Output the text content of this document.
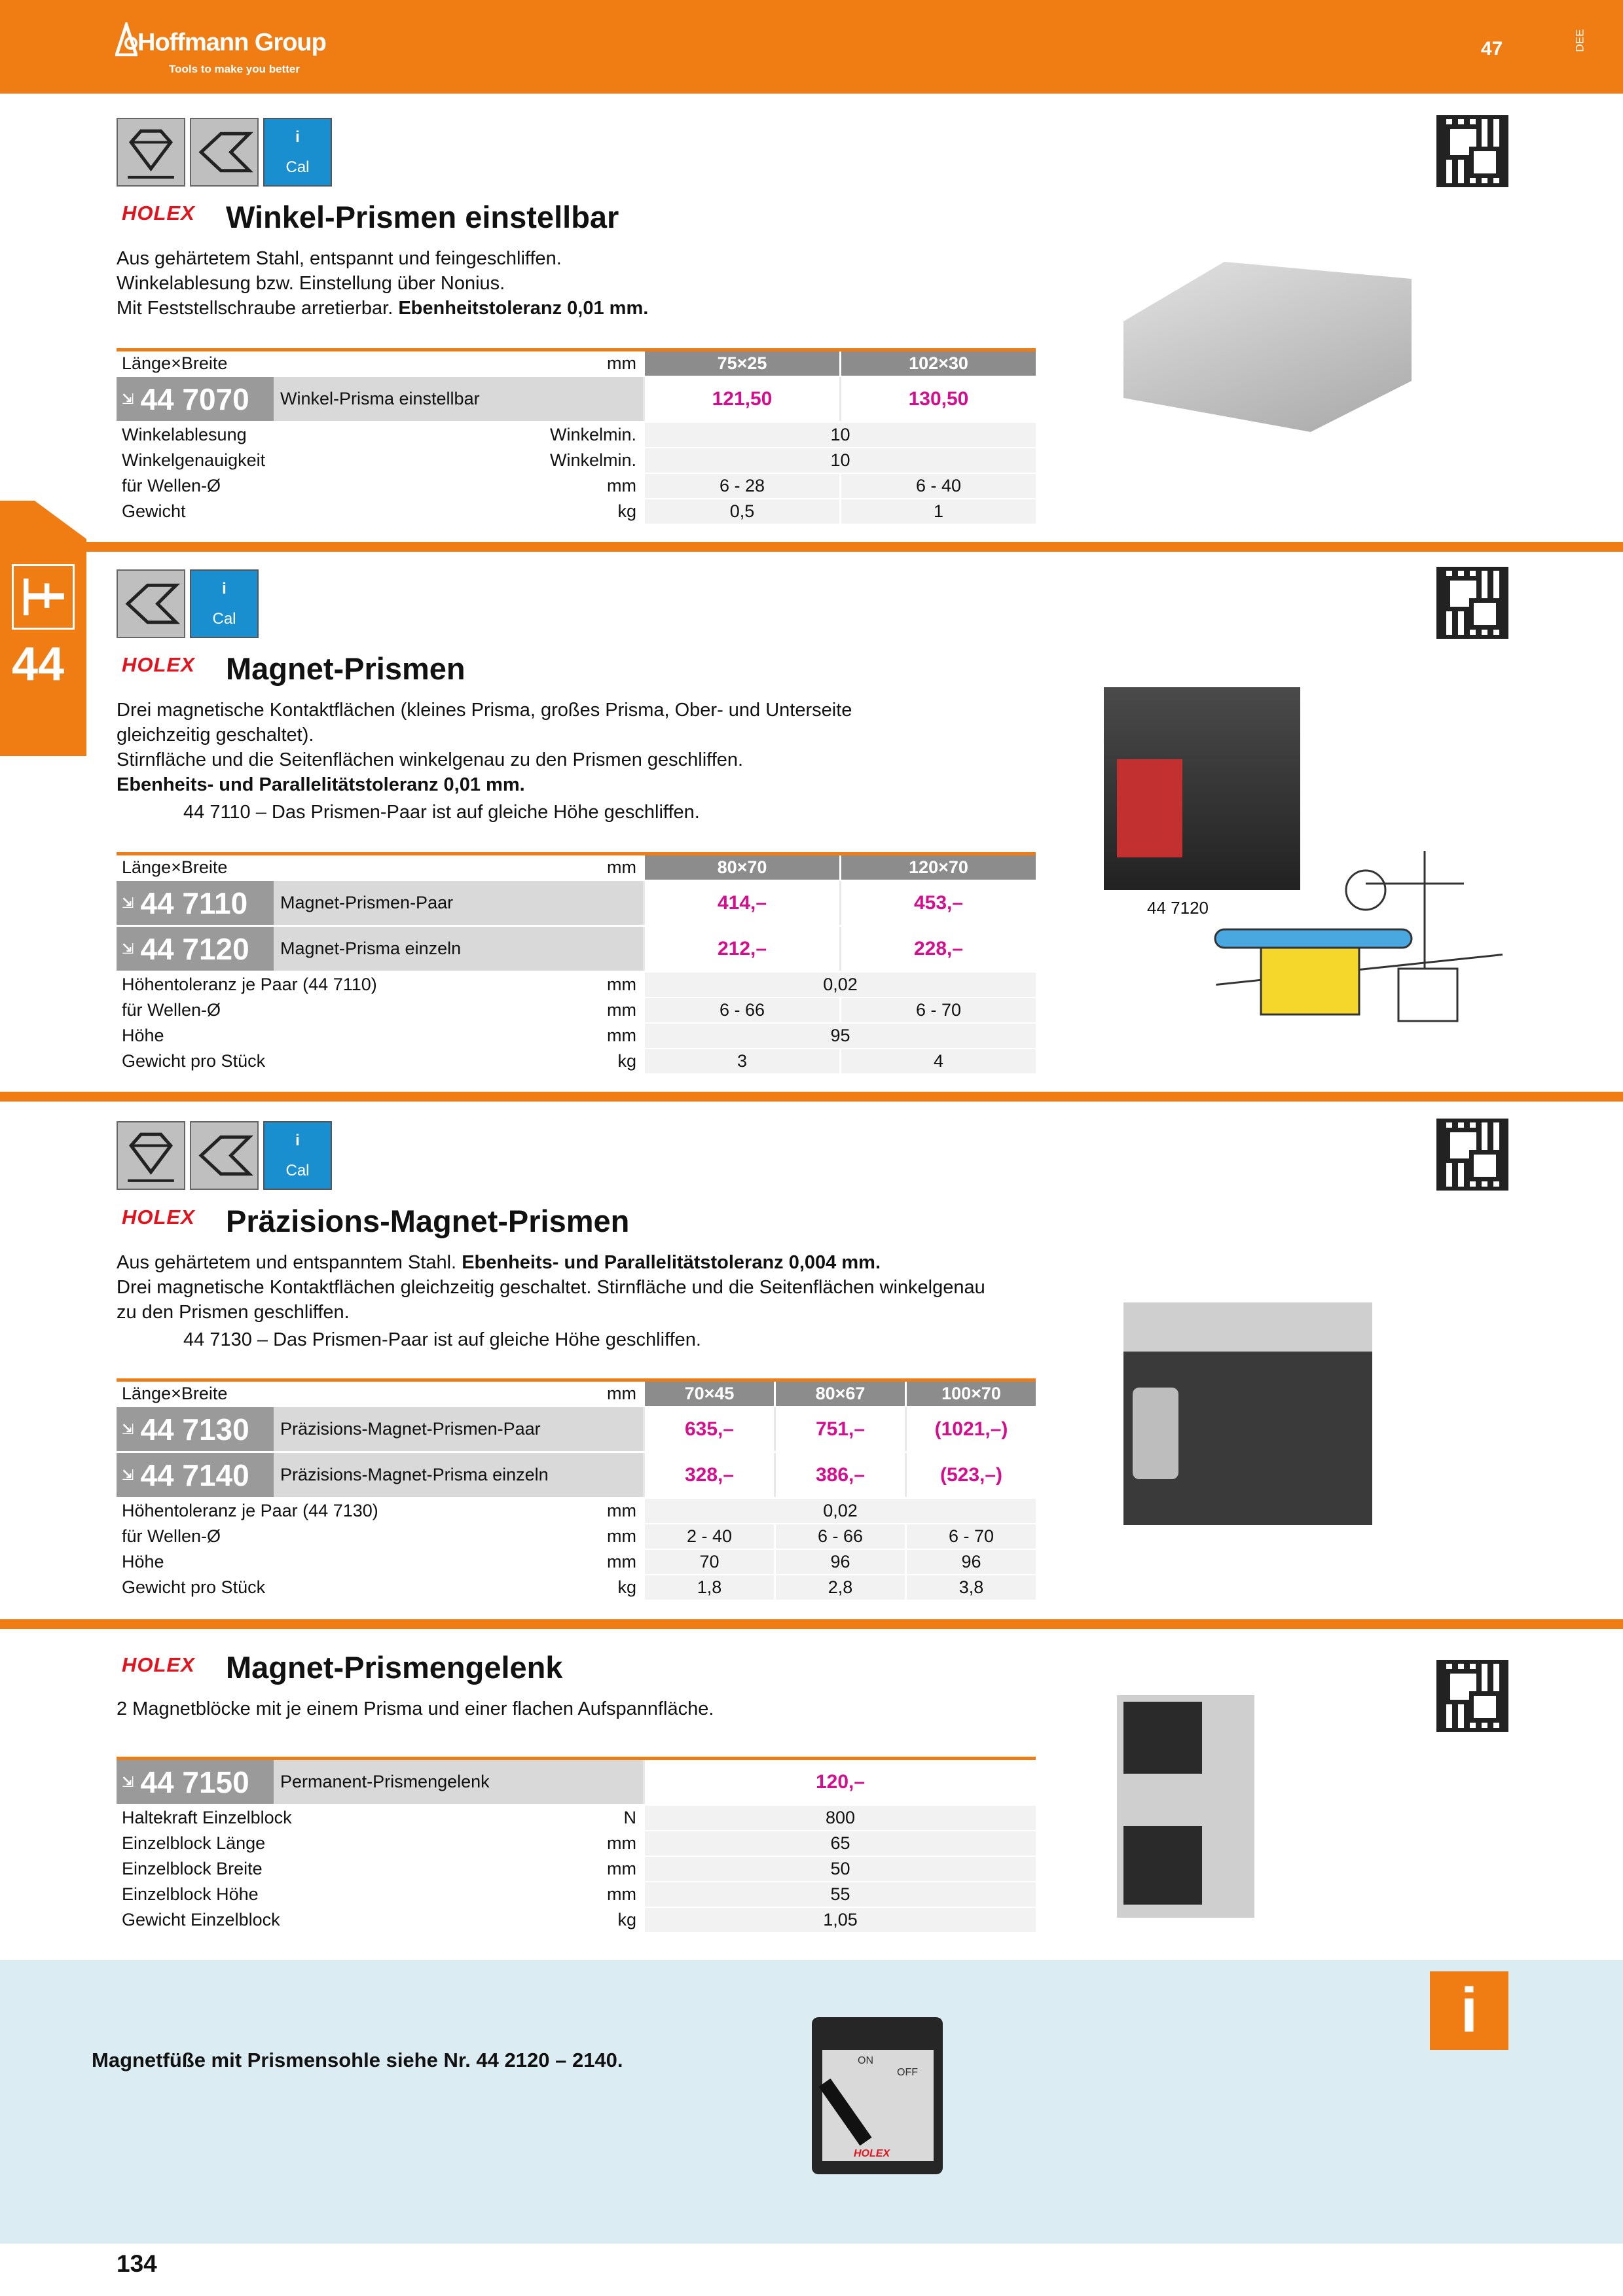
Hoffmann Group
Tools to make you better
47	DEE
44
i
Cal
HOLEX Winkel-Prismen einstellbar
Aus gehärtetem Stahl, entspannt und feingeschliffen.
Winkelablesung bzw. Einstellung über Nonius.
Mit Feststellschraube arretierbar. Ebenheitstoleranz 0,01 mm.
Länge×Breite	mm	75×25	102×30
⇲ 44 7070	Winkel-Prisma einstellbar	121,50	130,50
Winkelablesung	Winkelmin.	10
Winkelgenauigkeit	Winkelmin.	10
für Wellen-Ø	mm	6 - 28	6 - 40
Gewicht	kg	0,5	1
i
Cal
HOLEX Magnet-Prismen
Drei magnetische Kontaktflächen (kleines Prisma, großes Prisma, Ober- und Unterseite
gleichzeitig geschaltet).
Stirnfläche und die Seitenflächen winkelgenau zu den Prismen geschliffen.
Ebenheits- und Parallelitätstoleranz 0,01 mm.
44 7110 – Das Prismen-Paar ist auf gleiche Höhe geschliffen.
44 7120
Länge×Breite	mm	80×70	120×70
⇲ 44 7110	Magnet-Prismen-Paar	414,–	453,–
⇲ 44 7120	Magnet-Prisma einzeln	212,–	228,–
Höhentoleranz je Paar (44 7110)	mm	0,02
für Wellen-Ø	mm	6 - 66	6 - 70
Höhe	mm	95
Gewicht pro Stück	kg	3	4
i
Cal
HOLEX Präzisions-Magnet-Prismen
Aus gehärtetem und entspanntem Stahl. Ebenheits- und Parallelitätstoleranz 0,004 mm.
Drei magnetische Kontaktflächen gleichzeitig geschaltet. Stirnfläche und die Seitenflächen winkelgenau
zu den Prismen geschliffen.
44 7130 – Das Prismen-Paar ist auf gleiche Höhe geschliffen.
Länge×Breite	mm	70×45	80×67	100×70
⇲ 44 7130	Präzisions-Magnet-Prismen-Paar	635,–	751,–	(1021,–)
⇲ 44 7140	Präzisions-Magnet-Prisma einzeln	328,–	386,–	(523,–)
Höhentoleranz je Paar (44 7130)	mm	0,02
für Wellen-Ø	mm	2 - 40	6 - 66	6 - 70
Höhe	mm	70	96	96
Gewicht pro Stück	kg	1,8	2,8	3,8
HOLEX Magnet-Prismengelenk
2 Magnetblöcke mit je einem Prisma und einer flachen Aufspannfläche.
⇲ 44 7150	Permanent-Prismengelenk	120,–
Haltekraft Einzelblock	N	800
Einzelblock Länge	mm	65
Einzelblock Breite	mm	50
Einzelblock Höhe	mm	55
Gewicht Einzelblock	kg	1,05
i
Magnetfüße mit Prismensohle siehe Nr. 44 2120 – 2140.	ON
OFF
HOLEX
134
